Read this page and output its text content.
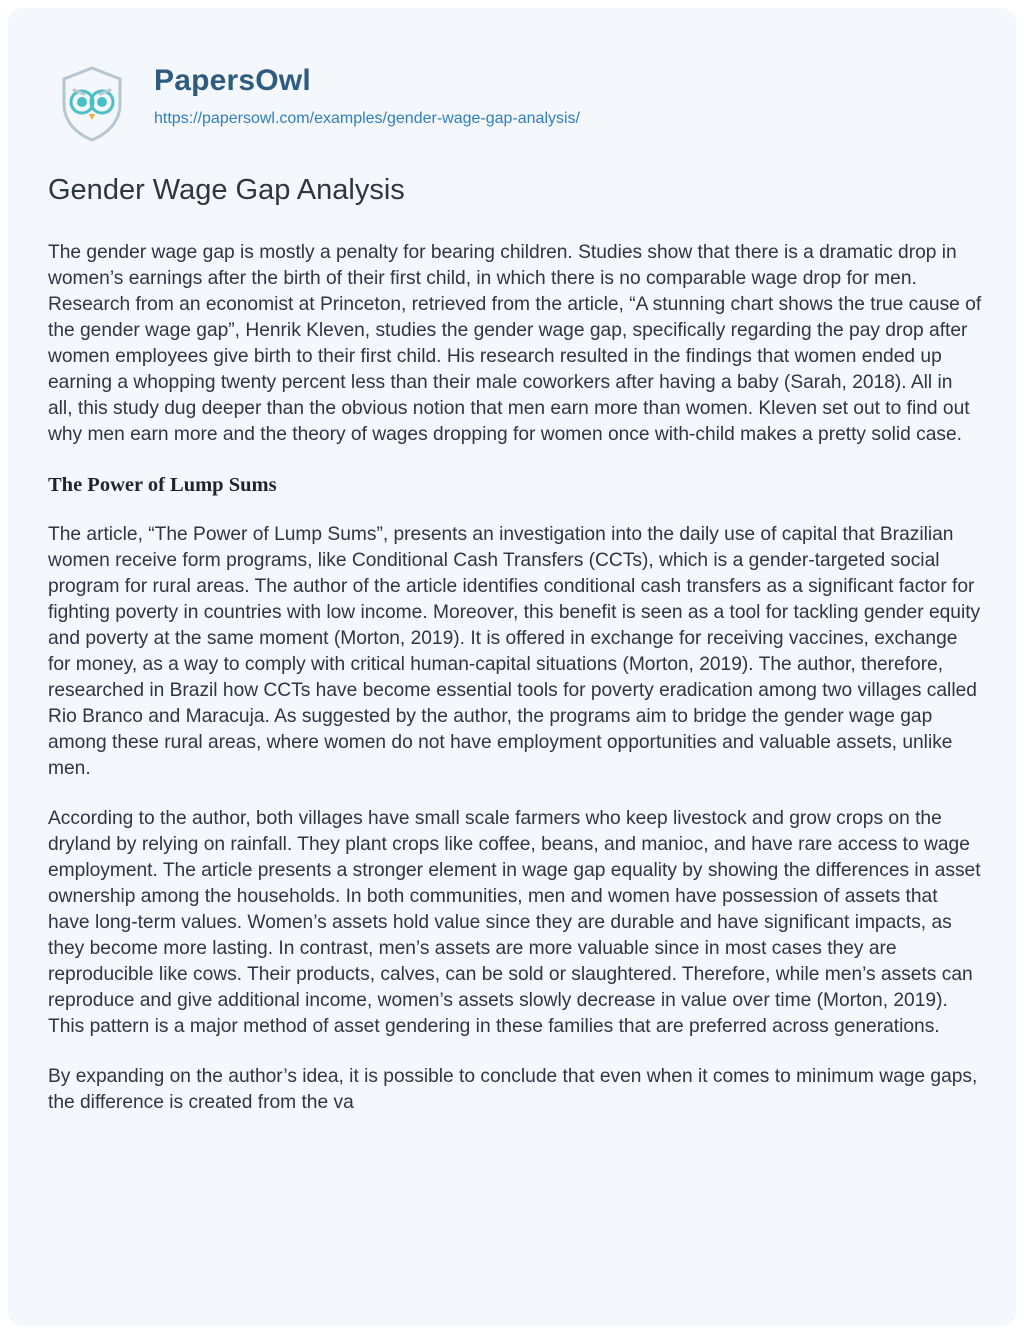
PapersOwl
https://papersowl.com/examples/gender-wage-gap-analysis/
Gender Wage Gap Analysis

The gender wage gap is mostly a penalty for bearing children. Studies show that there is a dramatic drop in women’s earnings after the birth of their first child, in which there is no comparable wage drop for men. Research from an economist at Princeton, retrieved from the article, “A stunning chart shows the true cause of the gender wage gap”, Henrik Kleven, studies the gender wage gap, specifically regarding the pay drop after women employees give birth to their first child. His research resulted in the findings that women ended up earning a whopping twenty percent less than their male coworkers after having a baby (Sarah, 2018). All in all, this study dug deeper than the obvious notion that men earn more than women. Kleven set out to find out why men earn more and the theory of wages dropping for women once with-child makes a pretty solid case.

The Power of Lump Sums

The article, “The Power of Lump Sums”, presents an investigation into the daily use of capital that Brazilian women receive form programs, like Conditional Cash Transfers (CCTs), which is a gender-targeted social program for rural areas. The author of the article identifies conditional cash transfers as a significant factor for fighting poverty in countries with low income. Moreover, this benefit is seen as a tool for tackling gender equity and poverty at the same moment (Morton, 2019). It is offered in exchange for receiving vaccines, exchange for money, as a way to comply with critical human-capital situations (Morton, 2019). The author, therefore, researched in Brazil how CCTs have become essential tools for poverty eradication among two villages called Rio Branco and Maracuja. As suggested by the author, the programs aim to bridge the gender wage gap among these rural areas, where women do not have employment opportunities and valuable assets, unlike men.

According to the author, both villages have small scale farmers who keep livestock and grow crops on the dryland by relying on rainfall. They plant crops like coffee, beans, and manioc, and have rare access to wage employment. The article presents a stronger element in wage gap equality by showing the differences in asset ownership among the households. In both communities, men and women have possession of assets that have long-term values. Women’s assets hold value since they are durable and have significant impacts, as they become more lasting. In contrast, men’s assets are more valuable since in most cases they are reproducible like cows. Their products, calves, can be sold or slaughtered. Therefore, while men’s assets can reproduce and give additional income, women’s assets slowly decrease in value over time (Morton, 2019). This pattern is a major method of asset gendering in these families that are preferred across generations.

By expanding on the author’s idea, it is possible to conclude that even when it comes to minimum wage gaps, the difference is created from the va
